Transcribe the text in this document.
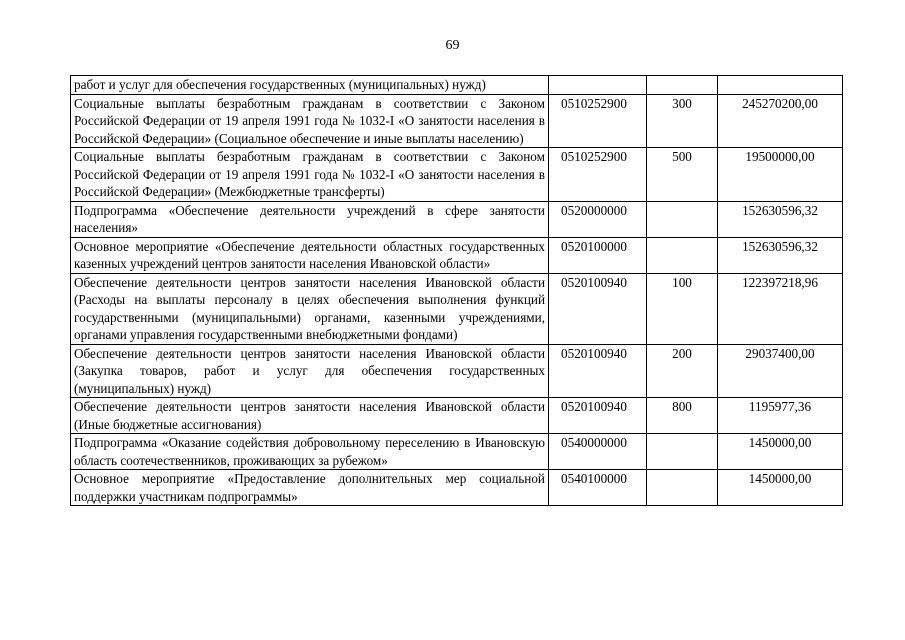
69
работ и услуг для обеспечения государственных (муниципальных) нужд)			
Социальные выплаты безработным гражданам в соответствии с Законом Российской Федерации от 19 апреля 1991 года № 1032-I «О занятости населения в Российской Федерации» (Социальное обеспечение и иные выплаты населению)	0510252900	300	245270200,00
Социальные выплаты безработным гражданам в соответствии с Законом Российской Федерации от 19 апреля 1991 года № 1032-I «О занятости населения в Российской Федерации» (Межбюджетные трансферты)	0510252900	500	19500000,00
Подпрограмма «Обеспечение деятельности учреждений в сфере занятости населения»	0520000000		152630596,32
Основное мероприятие «Обеспечение деятельности областных государственных казенных учреждений центров занятости населения Ивановской области»	0520100000		152630596,32
Обеспечение деятельности центров занятости населения Ивановской области (Расходы на выплаты персоналу в целях обеспечения выполнения функций государственными (муниципальными) органами, казенными учреждениями, органами управления государственными внебюджетными фондами)	0520100940	100	122397218,96
Обеспечение деятельности центров занятости населения Ивановской области (Закупка товаров, работ и услуг для обеспечения государственных (муниципальных) нужд)	0520100940	200	29037400,00
Обеспечение деятельности центров занятости населения Ивановской области (Иные бюджетные ассигнования)	0520100940	800	1195977,36
Подпрограмма «Оказание содействия добровольному переселению в Ивановскую область соотечественников, проживающих за рубежом»	0540000000		1450000,00
Основное мероприятие «Предоставление дополнительных мер социальной поддержки участникам подпрограммы»	0540100000		1450000,00
